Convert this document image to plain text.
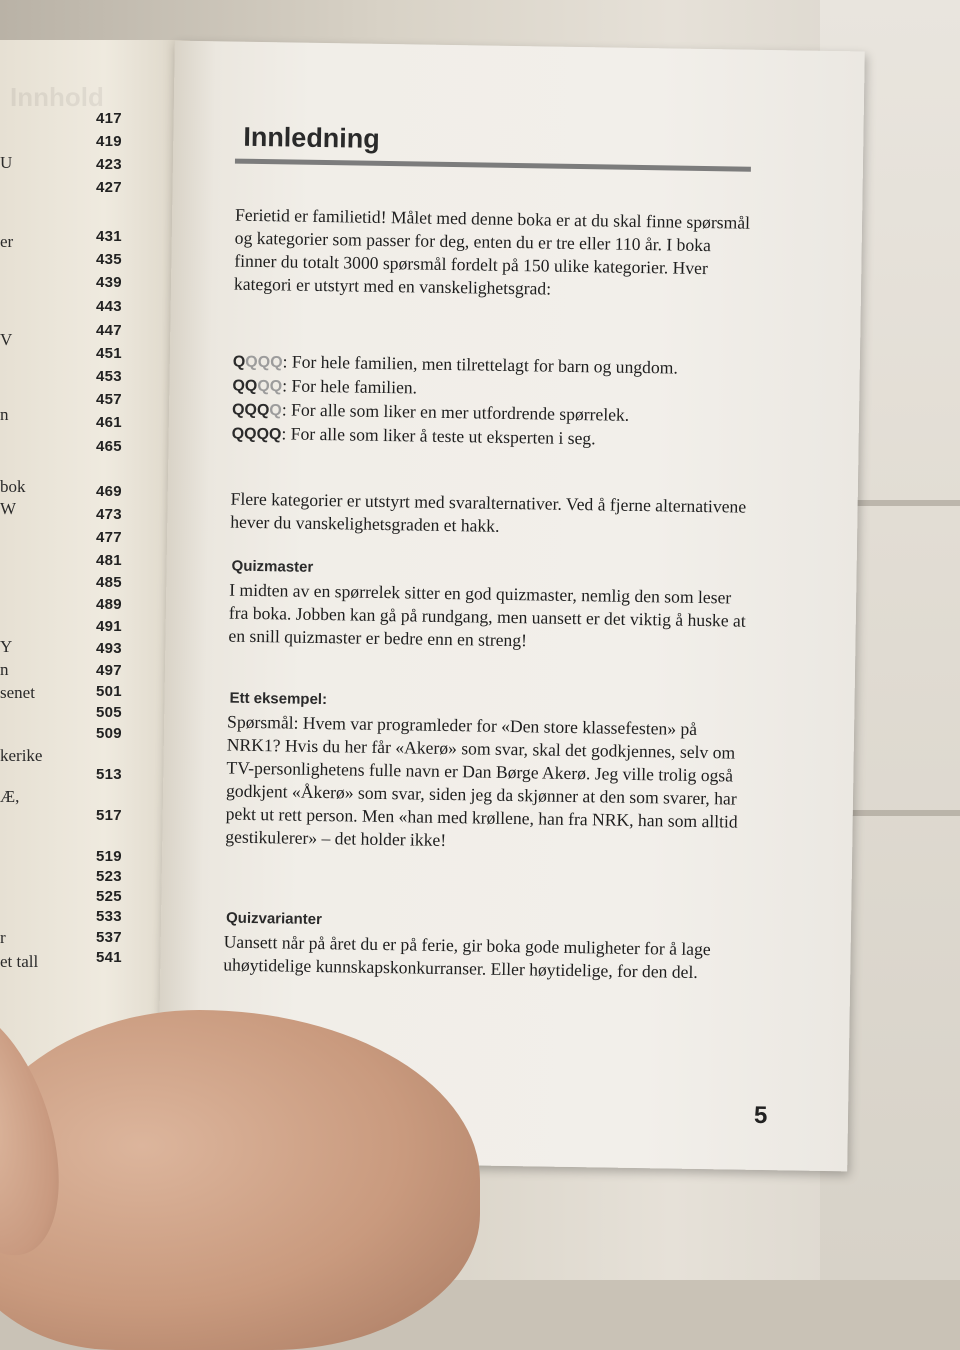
Innhold
417
419
423
427
431
435
439
443
447
451
453
457
461
465
469
473
477
481
485
489
491
493
497
501
505
509
513
517
519
523
525
533
537
541
U
er
V
n
bok
W
Y
n
senet
kerike
Æ,
r
et tall
Innledning

Ferietid er familietid! Målet med denne boka er at du skal finne spørsmål og kategorier som passer for deg, enten du er tre eller 110 år. I boka finner du totalt 3000 spørsmål fordelt på 150 ulike kategorier. Hver kategori er utstyrt med en vanskelighetsgrad:

QQQQ: For hele familien, men tilrettelagt for barn og ungdom.

QQQQ: For hele familien.

QQQQ: For alle som liker en mer utfordrende spørrelek.

QQQQ: For alle som liker å teste ut eksperten i seg.

Flere kategorier er utstyrt med svaralternativer. Ved å fjerne alternativene hever du vanskelighetsgraden et hakk.

Quizmaster

I midten av en spørrelek sitter en god quizmaster, nemlig den som leser fra boka. Jobben kan gå på rundgang, men uansett er det viktig å huske at en snill quizmaster er bedre enn en streng!

Ett eksempel:

Spørsmål: Hvem var programleder for «Den store klassefesten» på NRK1? Hvis du her får «Akerø» som svar, skal det godkjennes, selv om TV-personlighetens fulle navn er Dan Børge Akerø. Jeg ville trolig også godkjent «Åkerø» som svar, siden jeg da skjønner at den som svarer, har pekt ut rett person. Men «han med krøllene, han fra NRK, han som alltid gestikulerer» – det holder ikke!

Quizvarianter

Uansett når på året du er på ferie, gir boka gode muligheter for å lage uhøytidelige kunnskapskonkurranser. Eller høytidelige, for den del.

5
